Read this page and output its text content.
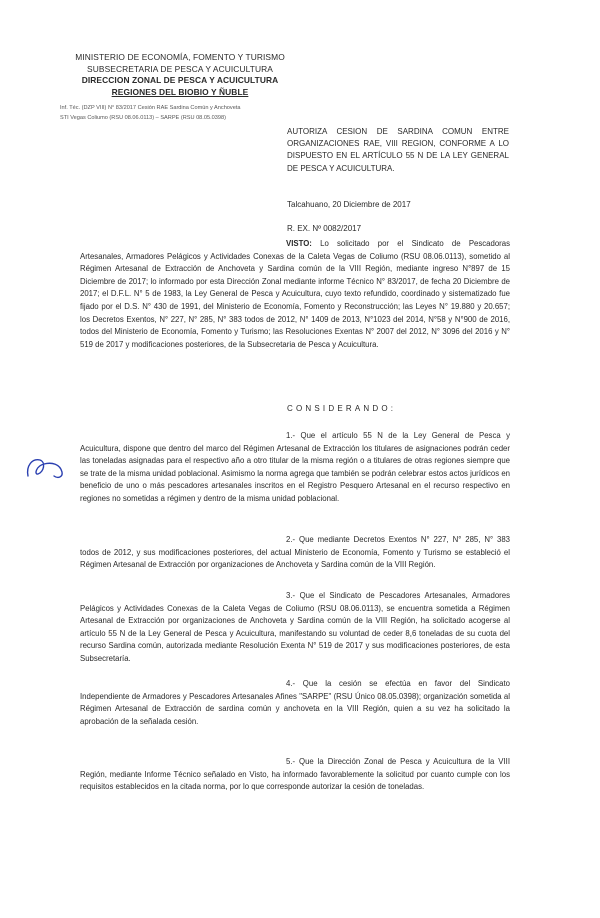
MINISTERIO DE ECONOMÍA, FOMENTO Y TURISMO
SUBSECRETARIA DE PESCA Y ACUICULTURA
DIRECCION ZONAL DE PESCA Y ACUICULTURA
REGIONES DEL BIOBIO Y ÑUBLE
Inf. Téc. (DZP VIII) N° 83/2017 Cesión RAE Sardina Común y Anchoveta
STI Vegas Coliumo (RSU 08.06.0113) – SARPE (RSU 08.05.0398)
AUTORIZA CESION DE SARDINA COMUN ENTRE ORGANIZACIONES RAE, VIII REGION, CONFORME A LO DISPUESTO EN EL ARTÍCULO 55 N DE LA LEY GENERAL DE PESCA Y ACUICULTURA.
Talcahuano, 20 Diciembre de 2017
R. EX. Nº 0082/2017
VISTO: Lo solicitado por el Sindicato de Pescadoras Artesanales, Armadores Pelágicos y Actividades Conexas de la Caleta Vegas de Coliumo (RSU 08.06.0113), sometido al Régimen Artesanal de Extracción de Anchoveta y Sardina común de la VIII Región, mediante ingreso N°897 de 15 Diciembre de 2017; lo informado por esta Dirección Zonal mediante informe Técnico N° 83/2017, de fecha 20 Diciembre de 2017; el D.F.L. N° 5 de 1983, la Ley General de Pesca y Acuicultura, cuyo texto refundido, coordinado y sistematizado fue fijado por el D.S. N° 430 de 1991, del Ministerio de Economía, Fomento y Reconstrucción; las Leyes N° 19.880 y 20.657; los Decretos Exentos, N° 227, N° 285, N° 383 todos de 2012, N° 1409 de 2013, N°1023 del 2014, N°58 y N°900 de 2016, todos del Ministerio de Economía, Fomento y Turismo; las Resoluciones Exentas N° 2007 del 2012, N° 3096 del 2016 y N° 519 de 2017 y modificaciones posteriores, de la Subsecretaria de Pesca y Acuicultura.
CONSIDERANDO:
1.- Que el artículo 55 N de la Ley General de Pesca y Acuicultura, dispone que dentro del marco del Régimen Artesanal de Extracción los titulares de asignaciones podrán ceder las toneladas asignadas para el respectivo año a otro titular de la misma región o a titulares de otras regiones siempre que se trate de la misma unidad poblacional. Asimismo la norma agrega que también se podrán celebrar estos actos jurídicos en beneficio de uno o más pescadores artesanales inscritos en el Registro Pesquero Artesanal en el recurso respectivo en regiones no sometidas a régimen y dentro de la misma unidad poblacional.
2.- Que mediante Decretos Exentos N° 227, N° 285, N° 383 todos de 2012, y sus modificaciones posteriores, del actual Ministerio de Economía, Fomento y Turismo se estableció el Régimen Artesanal de Extracción por organizaciones de Anchoveta y Sardina común de la VIII Región.
3.- Que el Sindicato de Pescadores Artesanales, Armadores Pelágicos y Actividades Conexas de la Caleta Vegas de Coliumo (RSU 08.06.0113), se encuentra sometida a Régimen Artesanal de Extracción por organizaciones de Anchoveta y Sardina común de la VIII Región, ha solicitado acogerse al artículo 55 N de la Ley General de Pesca y Acuicultura, manifestando su voluntad de ceder 8,6 toneladas de su cuota del recurso Sardina común, autorizada mediante Resolución Exenta N° 519 de 2017 y sus modificaciones posteriores, de esta Subsecretaría.
4.- Que la cesión se efectúa en favor del Sindicato Independiente de Armadores y Pescadores Artesanales Afines "SARPE" (RSU Único 08.05.0398); organización sometida al Régimen Artesanal de Extracción de sardina común y anchoveta en la VIII Región, quien a su vez ha solicitado la aprobación de la señalada cesión.
5.- Que la Dirección Zonal de Pesca y Acuicultura de la VIII Región, mediante Informe Técnico señalado en Visto, ha informado favorablemente la solicitud por cuanto cumple con los requisitos establecidos en la citada norma, por lo que corresponde autorizar la cesión de toneladas.
